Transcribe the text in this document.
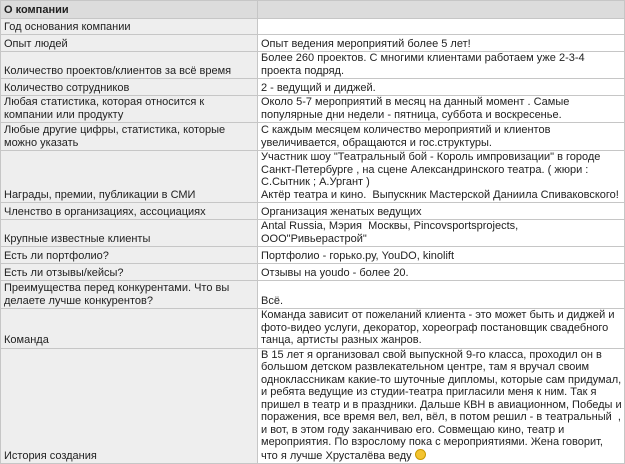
О компании	
Год основания компании	
Опыт людей	Опыт ведения мероприятий более 5 лет!
Количество проектов/клиентов за всё время	Более 260 проектов. С многими клиентами работаем уже 2-3-4 проекта подряд.
Количество сотрудников	2 - ведущий и диджей.
Любая статистика, которая относится к компании или продукту	Около 5-7 мероприятий в месяц на данный момент . Самые популярные дни недели - пятница, суббота и воскресенье.
Любые другие цифры, статистика, которые можно указать	С каждым месяцем количество мероприятий и клиентов увеличивается, обращаются и гос.структуры.
Награды, премии, публикации в СМИ	Участник шоу "Театральный бой - Король импровизации" в городе Санкт-Петербурге , на сцене Александринского театра. ( жюри : С.Сытник ; А.Ургант )
Актёр театра и кино.  Выпускник Мастерской Даниила Спиваковского!
Членство в организациях, ассоциациях	Организация женатых ведущих
Крупные известные клиенты	Antal Russia, Мэрия  Москвы, Pincovsportsprojects, ООО"Ривьерастрой"
Есть ли портфолио?	Портфолио - горько.ру, YouDO, kinolift
Есть ли отзывы/кейсы?	Отзывы на youdo - более 20.
Преимущества перед конкурентами. Что вы делаете лучше конкурентов?	Всё.
Команда	Команда зависит от пожеланий клиента - это может быть и диджей и фото-видео услуги, декоратор, хореограф постановщик свадебного танца, артисты разных жанров.
История создания	В 15 лет я организовал свой выпускной 9-го класса, проходил он в большом детском развлекательном центре, там я вручал своим одноклассникам какие-то шуточные дипломы, которые сам придумал, и ребята ведущие из студии-театра пригласили меня к ним. Так я пришел в театр и в праздники. Дальше КВН в авиационном, Победы и поражения, все время вел, вел, вёл, в потом решил - в театральный  , и вот, в этом году заканчиваю его. Совмещаю кино, театр и мероприятия. По взрослому пока с мероприятиями. Жена говорит, что я лучше Хрусталёва веду
